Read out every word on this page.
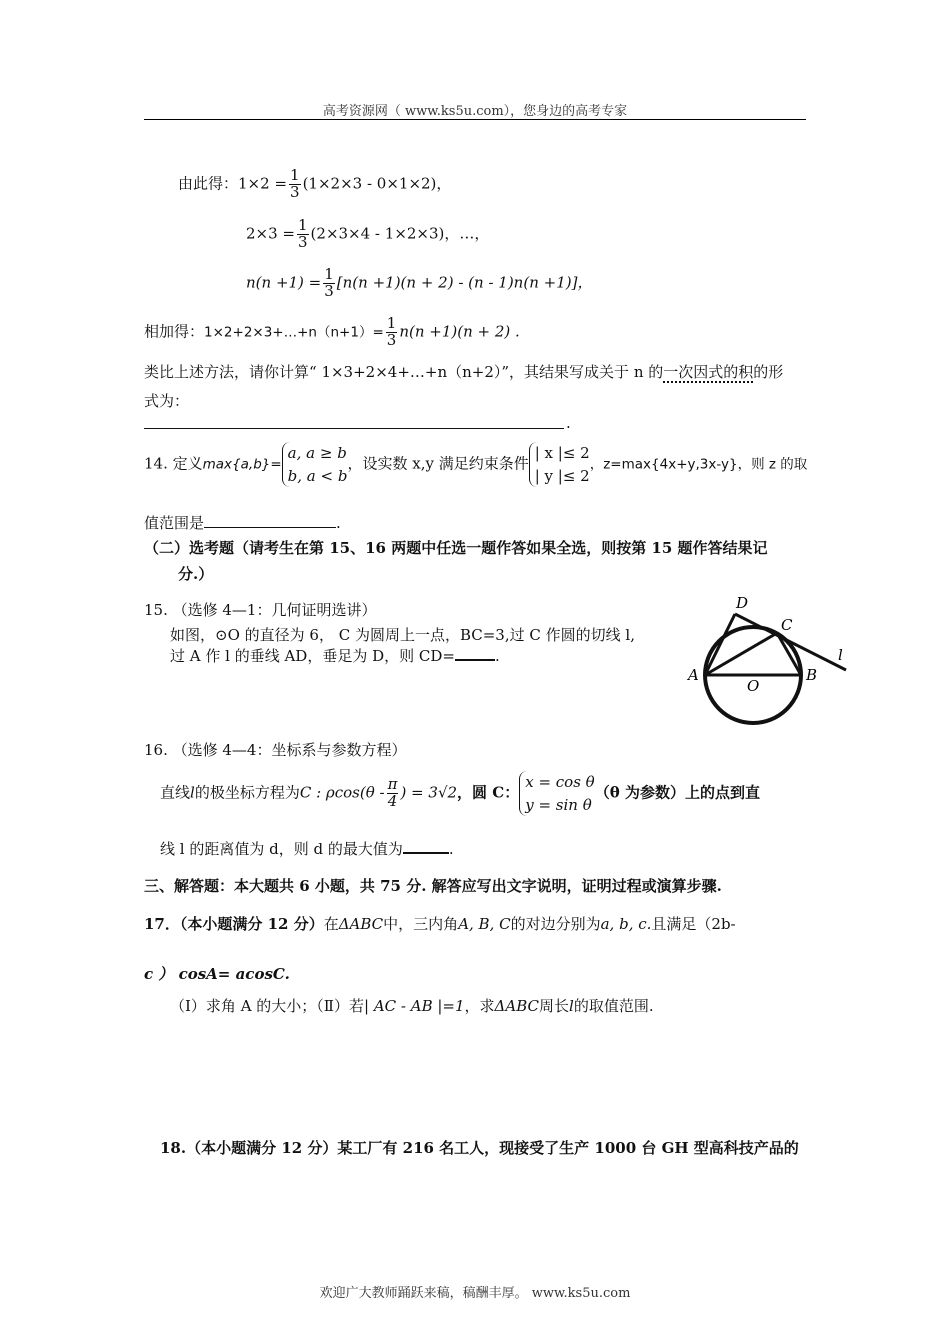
高考资源网（ www.ks5u.com），您身边的高考专家
由此得：$1\times 2 = \frac{1}{3} (1\times 2\times 3 - 0\times 1\times 2)$，
$2\times 3 = \frac{1}{3} (2\times 3\times 4 - 1\times 2\times 3)$，…，
$n(n +1) = \frac{1}{3} [n(n +1)(n + 2) - (n - 1)n(n +1)]$，
相加得：1×2+2×3+…+n（n+1）= $\frac{1}{3} n(n +1)(n + 2)$ .
类比上述方法，请你计算“ 1×3+2×4+…+n（n+2）”，其结果写成关于 n 的一次因式的积的形
式为：
.
14. 定义max{a,b}=
a, a ≥ b
b, a < b
，设实数 x,y 满足约束条件
| x |≤ 2
| y |≤ 2
，z=max{4x+y,3x-y}，则 z 的取
值范围是	.
（二）选考题（请考生在第 15、16 两题中任选一题作答如果全选，则按第 15 题作答结果记
分.）
15. （选修 4—1：几何证明选讲）
如图，⊙O 的直径为 6， C 为圆周上一点，BC=3,过 C 作圆的切线 l,
过 A 作 l 的垂线 AD，垂足为 D，则 CD=	.
D
C
A
O
B
l
16. （选修 4—4：坐标系与参数方程）
直线l的极坐标方程为C : $\rho\cos(\theta - \frac{\pi}{4}$ ) = 3√2，圆 C：
x = cos θ
y = sin θ
（θ 为参数）上的点到直
线 l 的距离值为 d，则 d 的最大值为	.
三、解答题：本大题共 6 小题，共 75 分. 解答应写出文字说明，证明过程或演算步骤.
17．（本小题满分 12 分）在ΔABC中，三内角A, B, C的对边分别为a, b, c.且满足（2b-
c ） cosA= acosC.
（Ⅰ）求角 A 的大小；（Ⅱ）若| AC - AB |=1，求ΔABC周长l的取值范围.
18.（本小题满分 12 分）某工厂有 216 名工人，现接受了生产 1000 台 GH 型高科技产品的
欢迎广大教师踊跃来稿，稿酬丰厚。 www.ks5u.com
